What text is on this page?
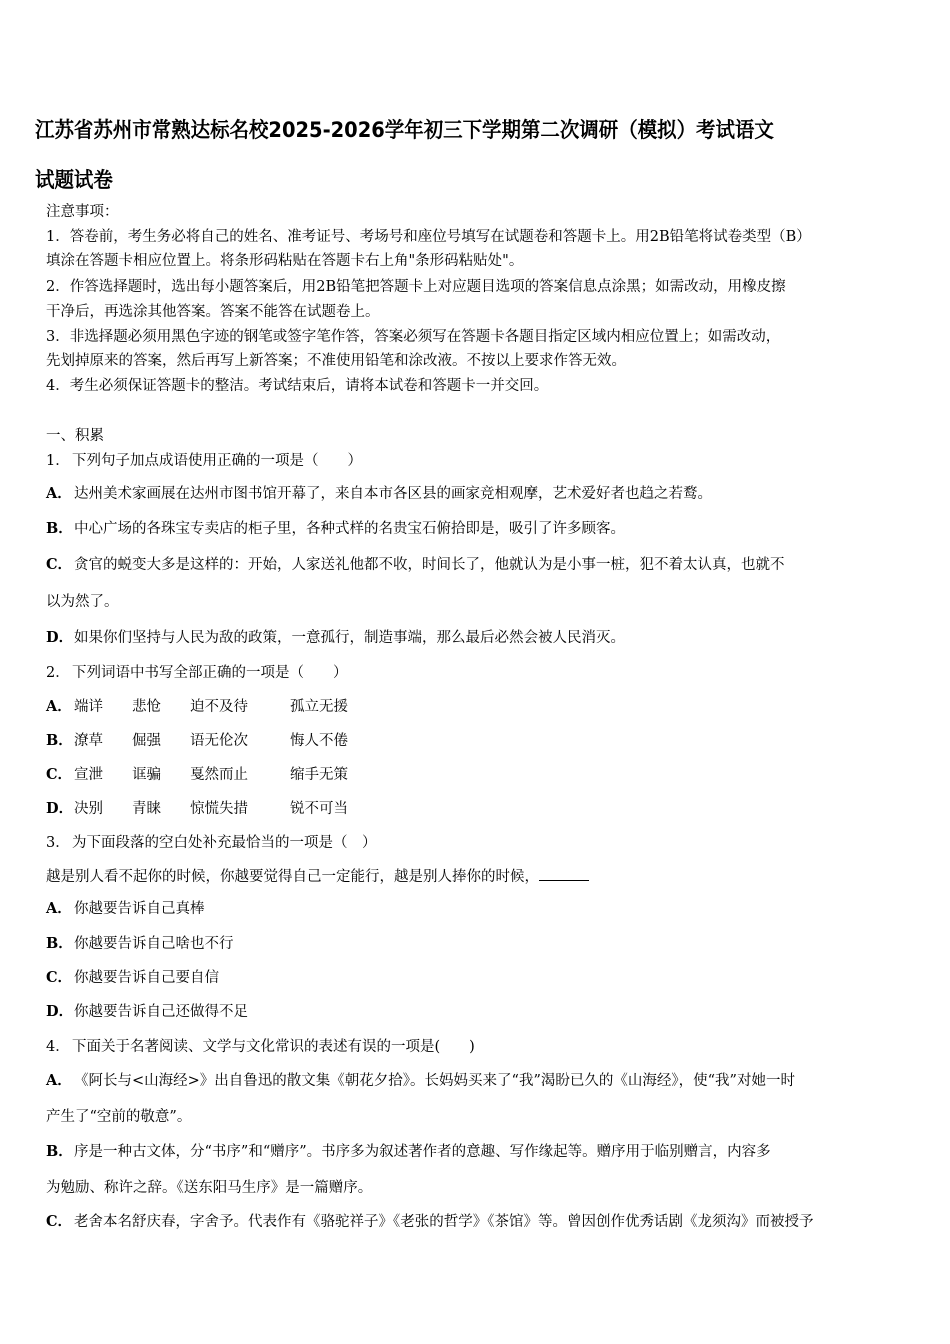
江苏省苏州市常熟达标名校2025-2026学年初三下学期第二次调研（模拟）考试语文
试题试卷
注意事项：
1．答卷前，考生务必将自己的姓名、准考证号、考场号和座位号填写在试题卷和答题卡上。用2B铅笔将试卷类型（B）
填涂在答题卡相应位置上。将条形码粘贴在答题卡右上角"条形码粘贴处"。
2．作答选择题时，选出每小题答案后，用2B铅笔把答题卡上对应题目选项的答案信息点涂黑；如需改动，用橡皮擦
干净后，再选涂其他答案。答案不能答在试题卷上。
3．非选择题必须用黑色字迹的钢笔或签字笔作答，答案必须写在答题卡各题目指定区域内相应位置上；如需改动，
先划掉原来的答案，然后再写上新答案；不准使用铅笔和涂改液。不按以上要求作答无效。
4．考生必须保证答题卡的整洁。考试结束后，请将本试卷和答题卡一并交回。
一、积累
1． 下列句子加点成语使用正确的一项是（　　）
A． 达州美术家画展在达州市图书馆开幕了，来自本市各区县的画家竞相观摩，艺术爱好者也趋之若鹜。
B．中心广场的各珠宝专卖店的柜子里，各种式样的名贵宝石俯拾即是，吸引了许多顾客。
C． 贪官的蜕变大多是这样的：开始，人家送礼他都不收，时间长了，他就认为是小事一桩，犯不着太认真，也就不
以为然了。
D．如果你们坚持与人民为敌的政策，一意孤行，制造事端，那么最后必然会被人民消灭。
2． 下列词语中书写全部正确的一项是（　　）
A． 端详 悲怆 迫不及待	孤立无援
B．潦草 倔强 语无伦次	悔人不倦
C． 宣泄 诓骗 戛然而止	缩手无策
D．决别 青睐 惊慌失措	锐不可当
3． 为下面段落的空白处补充最恰当的一项是（　）
越是别人看不起你的时候，你越要觉得自己一定能行，越是别人捧你的时候，
A． 你越要告诉自己真棒
B．你越要告诉自己啥也不行
C． 你越要告诉自己要自信
D．你越要告诉自己还做得不足
4． 下面关于名著阅读、文学与文化常识的表述有误的一项是(　　)
A． 《阿长与<山海经>》出自鲁迅的散文集《朝花夕拾》。长妈妈买来了“我”渴盼已久的《山海经》，使“我”对她一时
产生了“空前的敬意”。
B．序是一种古文体，分“书序”和“赠序”。书序多为叙述著作者的意趣、写作缘起等。赠序用于临别赠言，内容多
为勉励、称许之辞。《送东阳马生序》是一篇赠序。
C． 老舍本名舒庆春，字舍予。代表作有《骆驼祥子》《老张的哲学》《茶馆》等。曾因创作优秀话剧《龙须沟》而被授予
